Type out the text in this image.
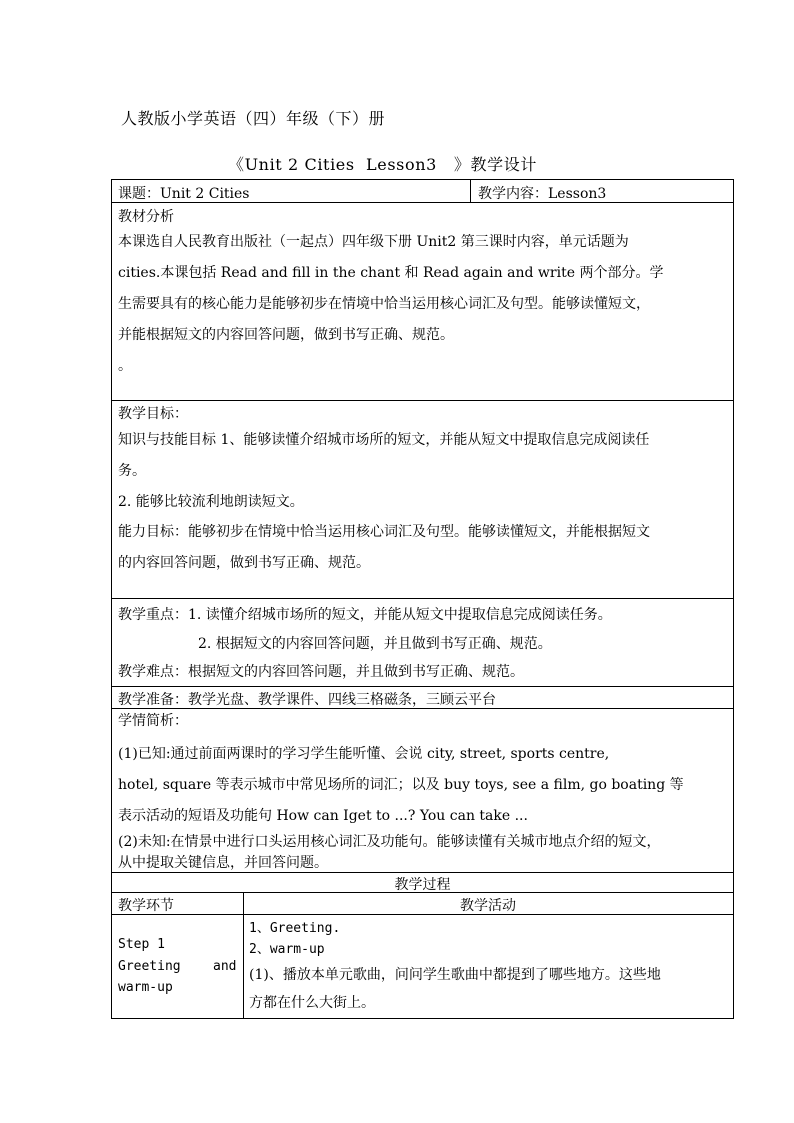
人教版小学英语（四）年级（下）册
《Unit 2 Cities  Lesson3   》教学设计
课题：Unit 2 Cities	教学内容：Lesson3
教材分析
本课选自人民教育出版社（一起点）四年级下册 Unit2 第三课时内容，单元话题为
cities.本课包括 Read and fill in the chant 和 Read again and write 两个部分。学
生需要具有的核心能力是能够初步在情境中恰当运用核心词汇及句型。能够读懂短文，
并能根据短文的内容回答问题，做到书写正确、规范。
。
教学目标：
知识与技能目标 1、能够读懂介绍城市场所的短文，并能从短文中提取信息完成阅读任
务。
2. 能够比较流利地朗读短文。
能力目标：能够初步在情境中恰当运用核心词汇及句型。能够读懂短文，并能根据短文
的内容回答问题，做到书写正确、规范。
教学重点：1. 读懂介绍城市场所的短文，并能从短文中提取信息完成阅读任务。
2. 根据短文的内容回答问题，并且做到书写正确、规范。
教学难点：根据短文的内容回答问题，并且做到书写正确、规范。
教学准备：教学光盘、教学课件、四线三格磁条，三顾云平台
学情简析：
(1)已知:通过前面两课时的学习学生能听懂、会说 city, street, sports centre,
hotel, square 等表示城市中常见场所的词汇；以及 buy toys, see a film, go boating 等
表示活动的短语及功能句 How can Iget to ...? You can take ...
(2)未知:在情景中进行口头运用核心词汇及功能句。能够读懂有关城市地点介绍的短文，
从中提取关键信息，并回答问题。
教学过程
教学环节	教学活动
Step 1
Greeting and
warm-up
1、Greeting.
2、warm-up
(1)、播放本单元歌曲，问问学生歌曲中都提到了哪些地方。这些地
方都在什么大街上。
